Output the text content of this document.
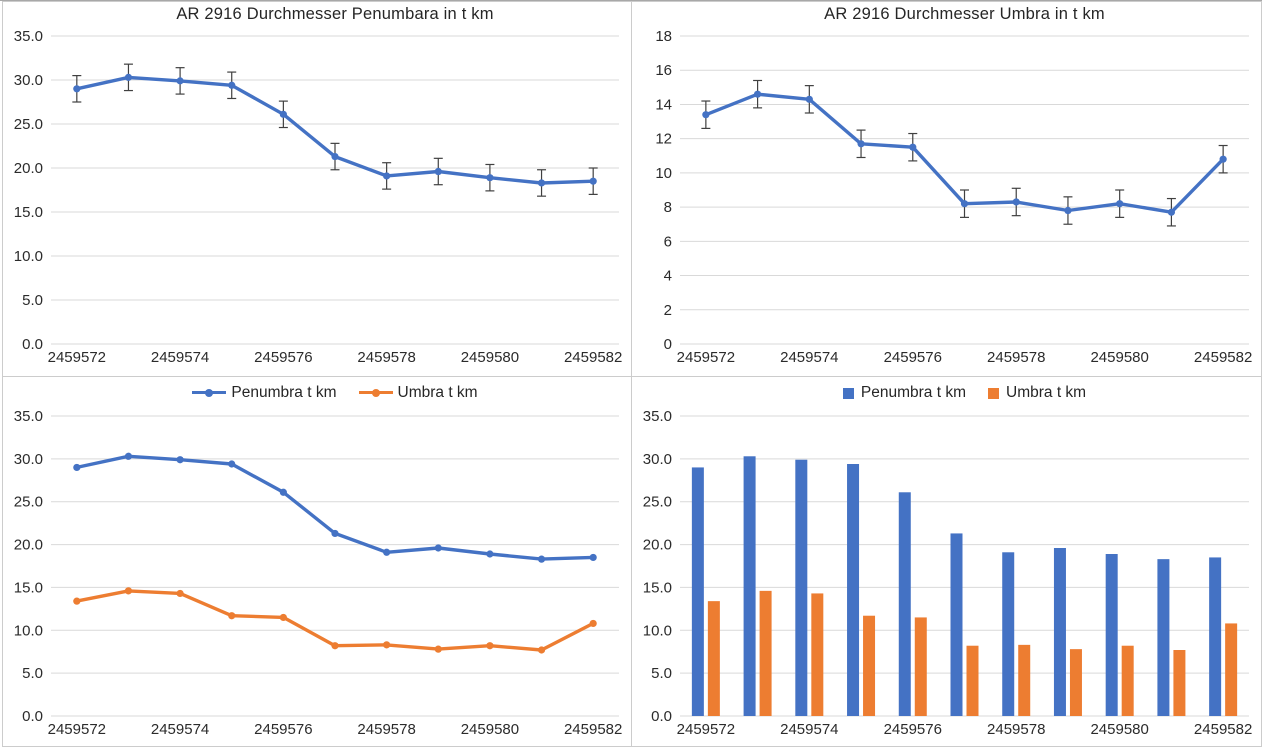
AR 2916 Durchmesser Penumbara in t km
0.0
5.0
10.0
15.0
20.0
25.0
30.0
35.0
2459572	2459574	2459576	2459578	2459580	2459582
AR 2916 Durchmesser Umbra in t km
0
2
4
6
8
10
12
14
16
18
2459572	2459574	2459576	2459578	2459580	2459582
Penumbra t km	Umbra t km
0.0
5.0
10.0
15.0
20.0
25.0
30.0
35.0
2459572	2459574	2459576	2459578	2459580	2459582
Penumbra t km	Umbra t km
0.0
5.0
10.0
15.0
20.0
25.0
30.0
35.0
2459572	2459574	2459576	2459578	2459580	2459582
